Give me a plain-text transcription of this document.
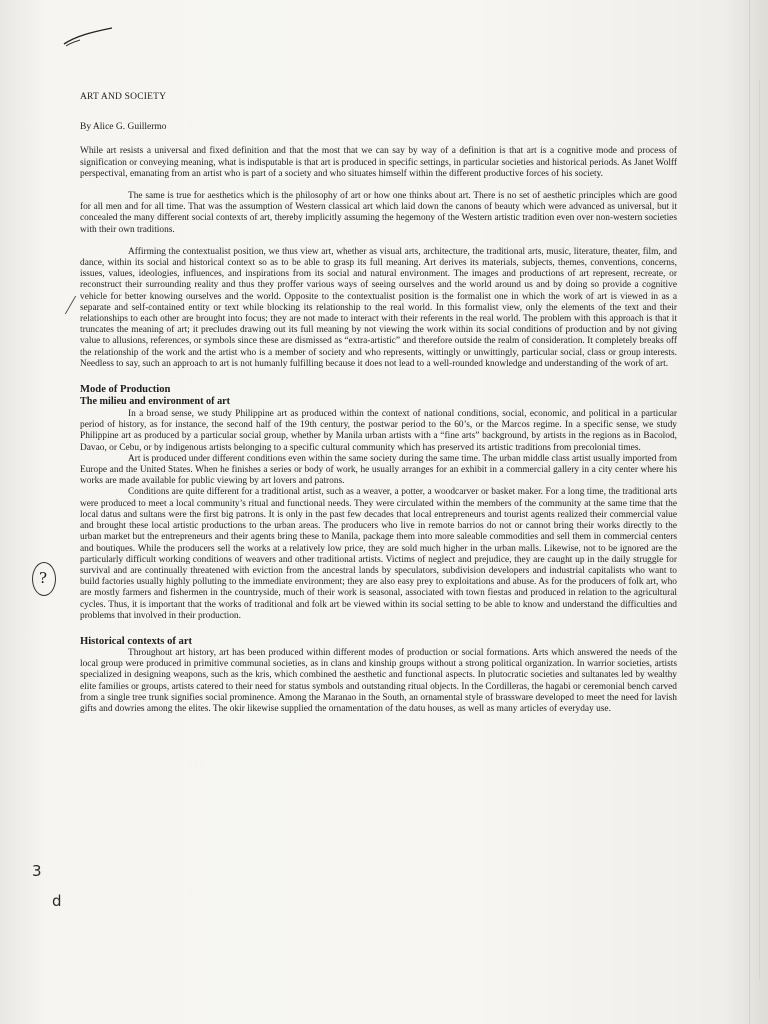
?
3
d
ART AND SOCIETY
By Alice G. Guillermo

While art resists a universal and fixed definition and that the most that we can say by way of a definition is that art is a cognitive mode and process of signification or conveying meaning, what is indisputable is that art is produced in specific settings, in particular societies and historical periods. As Janet Wolff perspectival, emanating from an artist who is part of a society and who situates himself within the different productive forces of his society.

The same is true for aesthetics which is the philosophy of art or how one thinks about art. There is no set of aesthetic principles which are good for all men and for all time. That was the assumption of Western classical art which laid down the canons of beauty which were advanced as universal, but it concealed the many different social contexts of art, thereby implicitly assuming the hegemony of the Western artistic tradition even over non-western societies with their own traditions.

Affirming the contextualist position, we thus view art, whether as visual arts, architecture, the traditional arts, music, literature, theater, film, and dance, within its social and historical context so as to be able to grasp its full meaning. Art derives its materials, subjects, themes, conventions, concerns, issues, values, ideologies, influences, and inspirations from its social and natural environment. The images and productions of art represent, recreate, or reconstruct their surrounding reality and thus they proffer various ways of seeing ourselves and the world around us and by doing so provide a cognitive vehicle for better knowing ourselves and the world. Opposite to the contextualist position is the formalist one in which the work of art is viewed in as a separate and self-contained entity or text while blocking its relationship to the real world. In this formalist view, only the elements of the text and their relationships to each other are brought into focus; they are not made to interact with their referents in the real world. The problem with this approach is that it truncates the meaning of art; it precludes drawing out its full meaning by not viewing the work within its social conditions of production and by not giving value to allusions, references, or symbols since these are dismissed as “extra-artistic” and therefore outside the realm of consideration. It completely breaks off the relationship of the work and the artist who is a member of society and who represents, wittingly or unwittingly, particular social, class or group interests. Needless to say, such an approach to art is not humanly fulfilling because it does not lead to a well-rounded knowledge and understanding of the work of art.

Mode of Production
The milieu and environment of art

In a broad sense, we study Philippine art as produced within the context of national conditions, social, economic, and political in a particular period of history, as for instance, the second half of the 19th century, the postwar period to the 60’s, or the Marcos regime. In a specific sense, we study Philippine art as produced by a particular social group, whether by Manila urban artists with a “fine arts” background, by artists in the regions as in Bacolod, Davao, or Cebu, or by indigenous artists belonging to a specific cultural community which has preserved its artistic traditions from precolonial times.

Art is produced under different conditions even within the same society during the same time. The urban middle class artist usually imported from Europe and the United States. When he finishes a series or body of work, he usually arranges for an exhibit in a commercial gallery in a city center where his works are made available for public viewing by art lovers and patrons.

Conditions are quite different for a traditional artist, such as a weaver, a potter, a woodcarver or basket maker. For a long time, the traditional arts were produced to meet a local community’s ritual and functional needs. They were circulated within the members of the community at the same time that the local datus and sultans were the first big patrons. It is only in the past few decades that local entrepreneurs and tourist agents realized their commercial value and brought these local artistic productions to the urban areas. The producers who live in remote barrios do not or cannot bring their works directly to the urban market but the entrepreneurs and their agents bring these to Manila, package them into more saleable commodities and sell them in commercial centers and boutiques. While the producers sell the works at a relatively low price, they are sold much higher in the urban malls. Likewise, not to be ignored are the particularly difficult working conditions of weavers and other traditional artists. Victims of neglect and prejudice, they are caught up in the daily struggle for survival and are continually threatened with eviction from the ancestral lands by speculators, subdivision developers and industrial capitalists who want to build factories usually highly polluting to the immediate environment; they are also easy prey to exploitations and abuse. As for the producers of folk art, who are mostly farmers and fishermen in the countryside, much of their work is seasonal, associated with town fiestas and produced in relation to the agricultural cycles. Thus, it is important that the works of traditional and folk art be viewed within its social setting to be able to know and understand the difficulties and problems that involved in their production.

Historical contexts of art

Throughout art history, art has been produced within different modes of production or social formations. Arts which answered the needs of the local group were produced in primitive communal societies, as in clans and kinship groups without a strong political organization. In warrior societies, artists specialized in designing weapons, such as the kris, which combined the aesthetic and functional aspects. In plutocratic societies and sultanates led by wealthy elite families or groups, artists catered to their need for status symbols and outstanding ritual objects. In the Cordilleras, the hagabi or ceremonial bench carved from a single tree trunk signifies social prominence. Among the Maranao in the South, an ornamental style of brassware developed to meet the need for lavish gifts and dowries among the elites. The okir likewise supplied the ornamentation of the datu houses, as well as many articles of everyday use.
